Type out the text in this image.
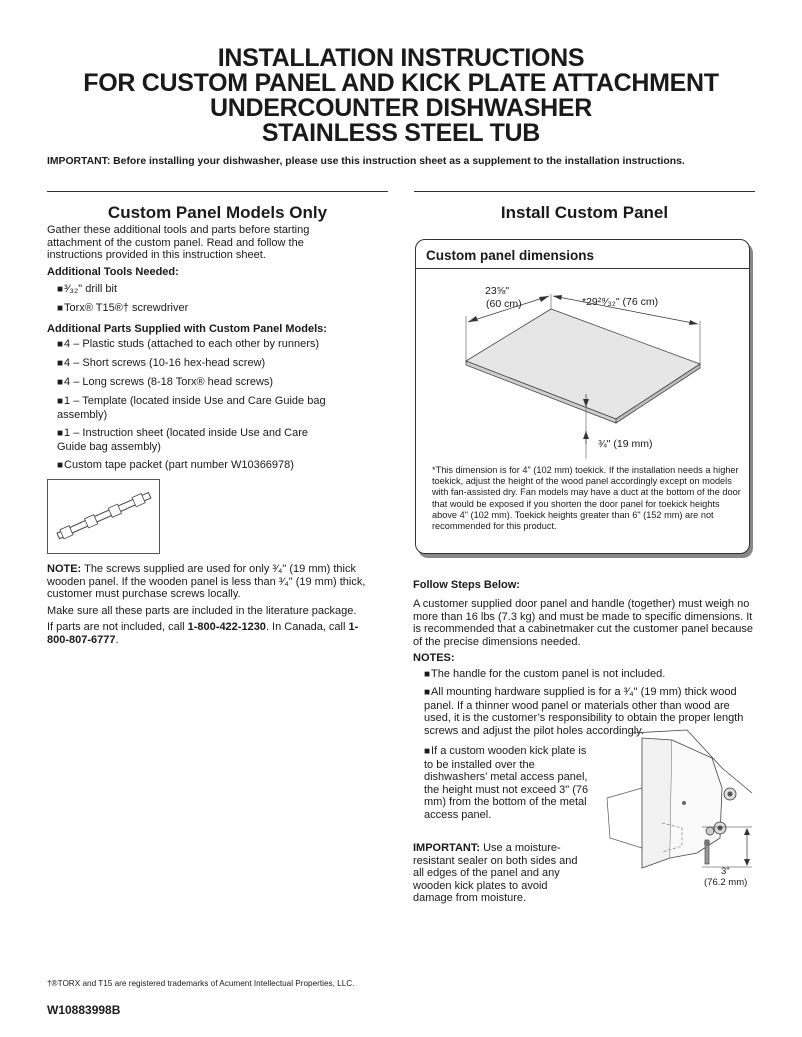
INSTALLATION INSTRUCTIONS
FOR CUSTOM PANEL AND KICK PLATE ATTACHMENT
UNDERCOUNTER DISHWASHER
STAINLESS STEEL TUB
IMPORTANT: Before installing your dishwasher, please use this instruction sheet as a supplement to the installation instructions.
Custom Panel Models Only
Gather these additional tools and parts before starting attachment of the custom panel. Read and follow the instructions provided in this instruction sheet.
Additional Tools Needed:
■³⁄₃₂" drill bit
■Torx® T15®† screwdriver
Additional Parts Supplied with Custom Panel Models:
■4 – Plastic studs (attached to each other by runners)
■4 – Short screws (10-16 hex-head screw)
■4 – Long screws (8-18 Torx® head screws)
■1 – Template (located inside Use and Care Guide bag assembly)
■1 – Instruction sheet (located inside Use and Care Guide bag assembly)
■Custom tape packet (part number W10366978)
NOTE: The screws supplied are used for only ³⁄₄" (19 mm) thick wooden panel. If the wooden panel is less than ³⁄₄" (19 mm) thick, customer must purchase screws locally.
Make sure all these parts are included in the literature package.
If parts are not included, call 1-800-422-1230. In Canada, call 1-800-807-6777.
Install Custom Panel
Custom panel dimensions
23⅝"
(60 cm)	*29²⁹⁄₃₂" (76 cm)
¾" (19 mm)
*This dimension is for 4" (102 mm) toekick. If the installation needs a higher toekick, adjust the height of the wood panel accordingly except on models with fan-assisted dry. Fan models may have a duct at the bottom of the door that would be exposed if you shorten the door panel for toekick heights above 4" (102 mm). Toekick heights greater than 6" (152 mm) are not recommended for this product.
Follow Steps Below:
A customer supplied door panel and handle (together) must weigh no more than 16 lbs (7.3 kg) and must be made to specific dimensions. It is recommended that a cabinetmaker cut the customer panel because of the precise dimensions needed.
NOTES:
■The handle for the custom panel is not included.
■All mounting hardware supplied is for a ³⁄₄" (19 mm) thick wood panel. If a thinner wood panel or materials other than wood are used, it is the customer’s responsibility to obtain the proper length screws and adjust the pilot holes accordingly.
■If a custom wooden kick plate is to be installed over the dishwashers’ metal access panel, the height must not exceed 3" (76 mm) from the bottom of the metal access panel.
IMPORTANT: Use a moisture-resistant sealer on both sides and all edges of the panel and any wooden kick plates to avoid damage from moisture.
3"
(76.2 mm)
†®TORX and T15 are registered trademarks of Acument Intellectual Properties, LLC.
W10883998B
